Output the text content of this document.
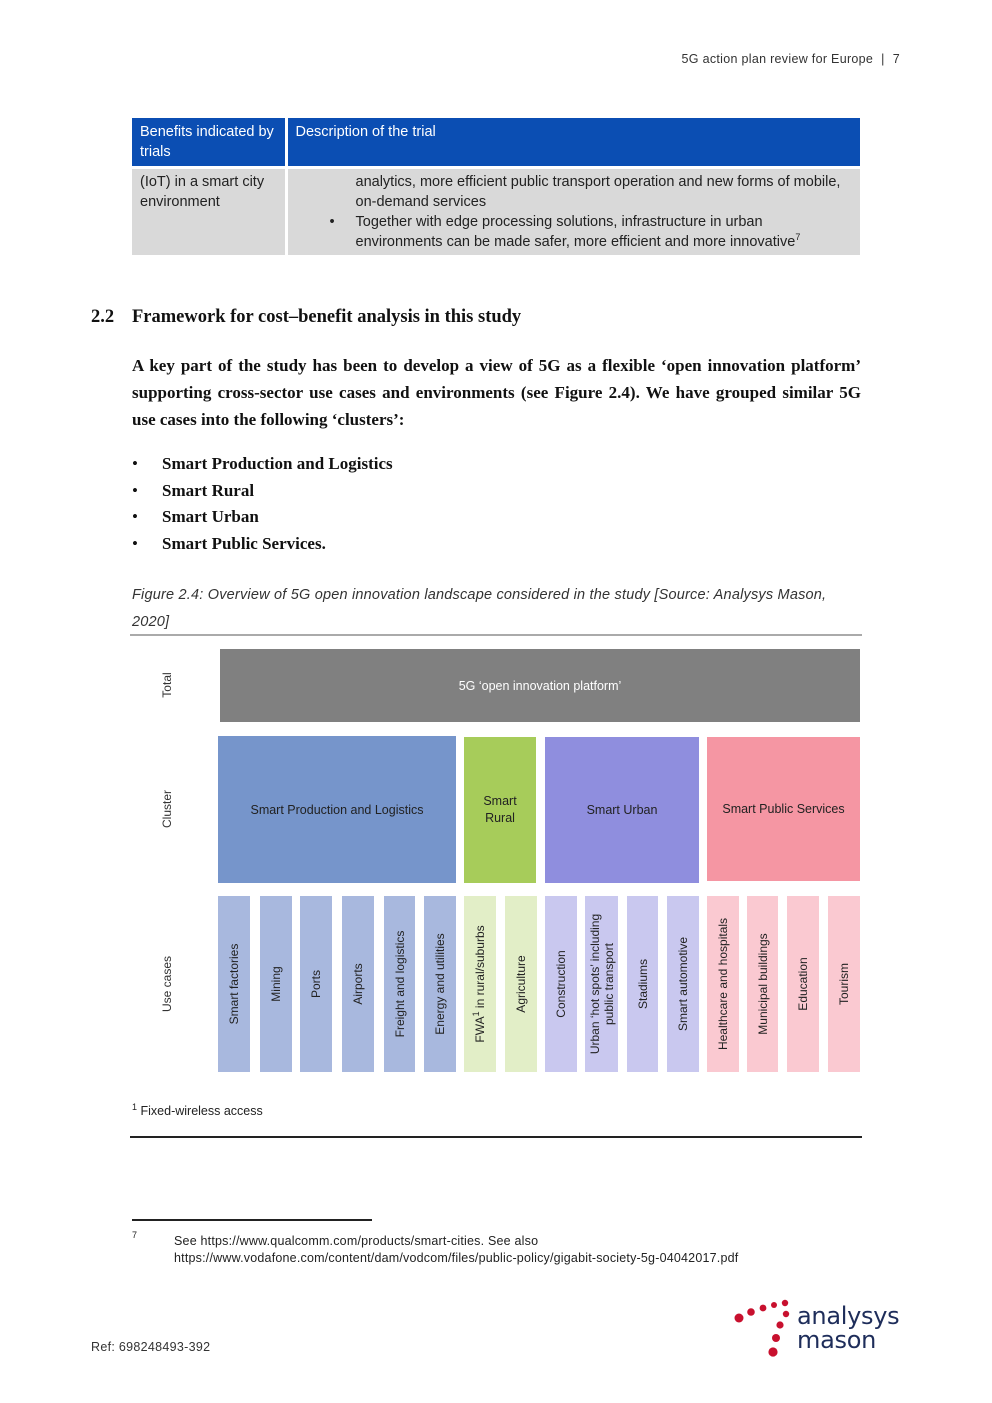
5G action plan review for Europe | 7
Benefits indicated by trials	Description of the trial
(IoT) in a smart city environment	analytics, more efficient public transport operation and new forms of mobile, on-demand services
• Together with edge processing solutions, infrastructure in urban environments can be made safer, more efficient and more innovative$^7$
2.2 Framework for cost–benefit analysis in this study

A key part of the study has been to develop a view of 5G as a flexible ‘open innovation platform’ supporting cross-sector use cases and environments (see Figure 2.4). We have grouped similar 5G use cases into the following ‘clusters’:

• Smart Production and Logistics
• Smart Rural
• Smart Urban
• Smart Public Services.
Figure 2.4: Overview of 5G open innovation landscape considered in the study [Source: Analysys Mason, 2020]
Total
Cluster
Use cases
5G ‘open innovation platform’
Smart Production and Logistics
Smart Rural
Smart Urban	Smart Public Services
Smart factories Mining Ports Airports Freight and logistics Energy and utilities FWA$^1$ in rural/suburbs Agriculture Construction Urban ‘hot spots’ including public transport Stadiums Smart automotive Healthcare and hospitals Municipal buildings Education Tourism
$^1$ Fixed-wireless access
7	See https://www.qualcomm.com/products/smart-cities. See also
https://www.vodafone.com/content/dam/vodcom/files/public-policy/gigabit-society-5g-04042017.pdf
Ref: 698248493-392
analysys
mason
